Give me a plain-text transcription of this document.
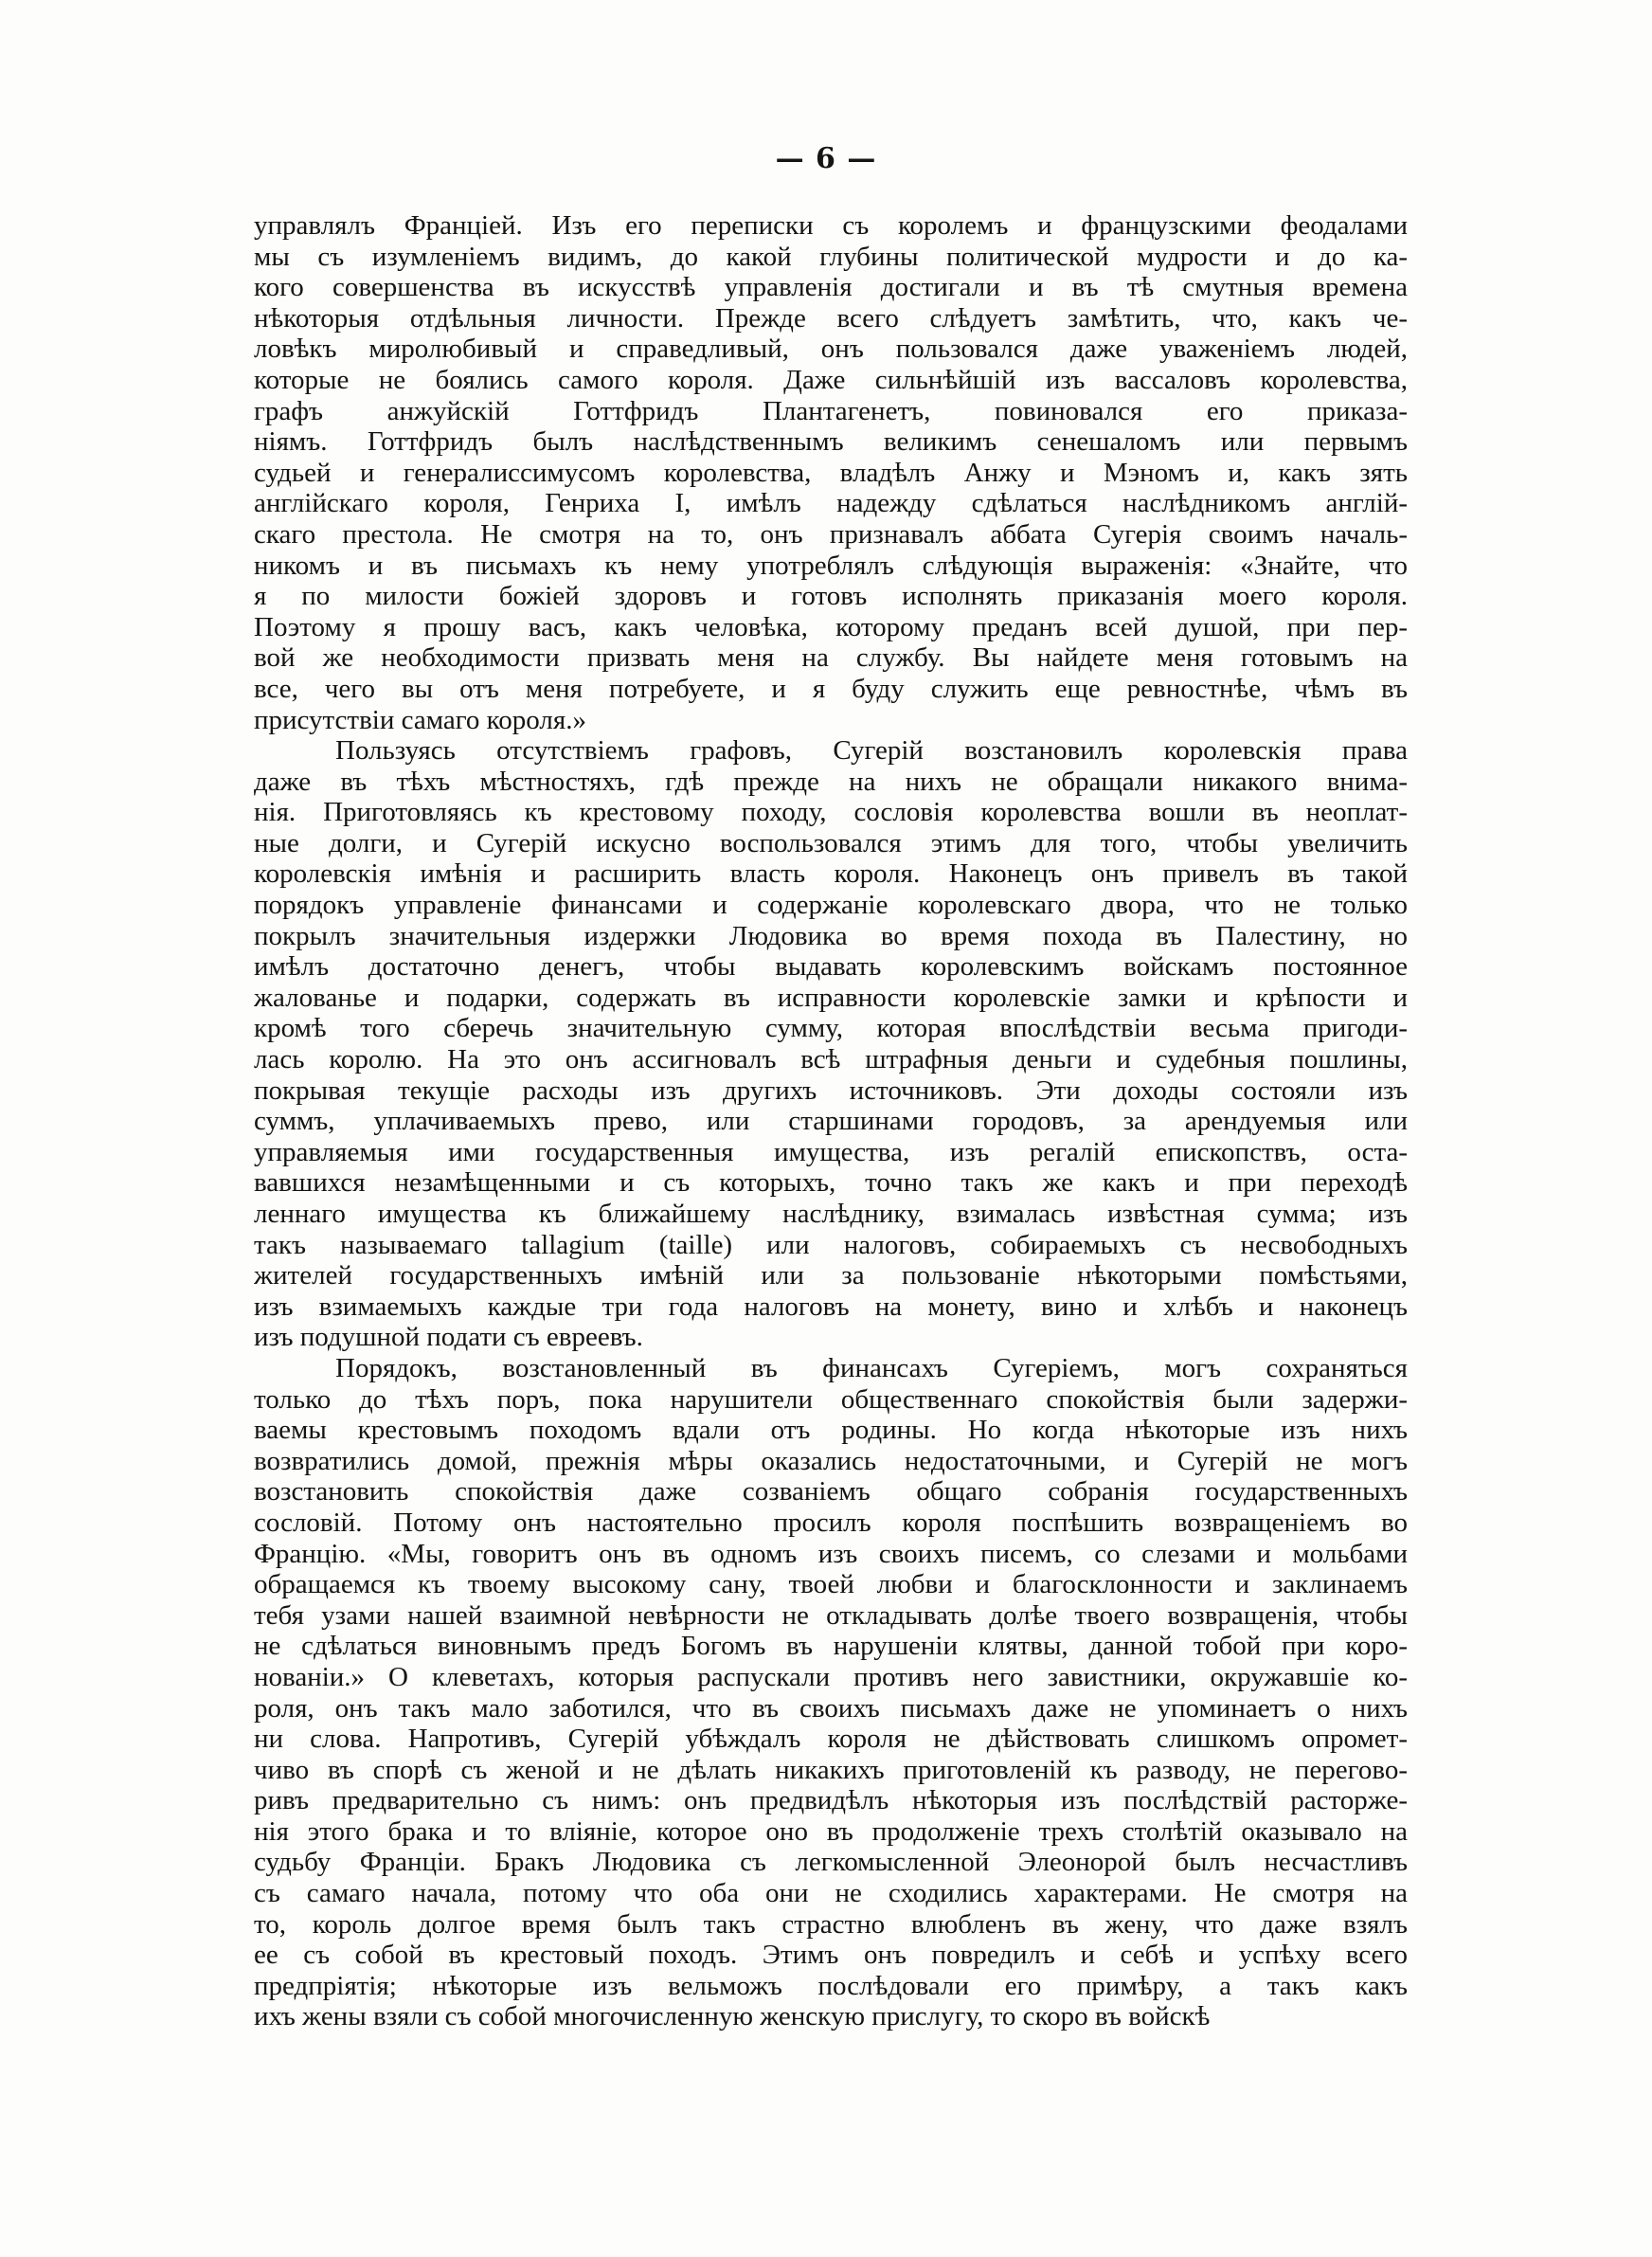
— 6 —
управлялъ Франціей. Изъ его переписки съ королемъ и французскими феодалами
мы съ изумленіемъ видимъ, до какой глубины политической мудрости и до ка-
кого совершенства въ искусствѣ управленія достигали и въ тѣ смутныя времена
нѣкоторыя отдѣльныя личности. Прежде всего слѣдуетъ замѣтить, что, какъ че-
ловѣкъ миролюбивый и справедливый, онъ пользовался даже уваженіемъ людей,
которые не боялись самого короля. Даже сильнѣйшій изъ вассаловъ королевства,
графъ анжуйскій Готтфридъ Плантагенетъ, повиновался его приказа-
ніямъ. Готтфридъ былъ наслѣдственнымъ великимъ сенешаломъ или первымъ
судьей и генералиссимусомъ королевства, владѣлъ Анжу и Мэномъ и, какъ зять
англійскаго короля, Генриха I, имѣлъ надежду сдѣлаться наслѣдникомъ англій-
скаго престола. Не смотря на то, онъ признавалъ аббата Сугерія своимъ началь-
никомъ и въ письмахъ къ нему употреблялъ слѣдующія выраженія: «Знайте, что
я по милости божіей здоровъ и готовъ исполнять приказанія моего короля.
Поэтому я прошу васъ, какъ человѣка, которому преданъ всей душой, при пер-
вой же необходимости призвать меня на службу. Вы найдете меня готовымъ на
все, чего вы отъ меня потребуете, и я буду служить еще ревностнѣе, чѣмъ въ
присутствіи самаго короля.»
Пользуясь отсутствіемъ графовъ, Сугерій возстановилъ королевскія права
даже въ тѣхъ мѣстностяхъ, гдѣ прежде на нихъ не обращали никакого внима-
нія. Приготовляясь къ крестовому походу, сословія королевства вошли въ неоплат-
ные долги, и Сугерій искусно воспользовался этимъ для того, чтобы увеличить
королевскія имѣнія и расширить власть короля. Наконецъ онъ привелъ въ такой
порядокъ управленіе финансами и содержаніе королевскаго двора, что не только
покрылъ значительныя издержки Людовика во время похода въ Палестину, но
имѣлъ достаточно денегъ, чтобы выдавать королевскимъ войскамъ постоянное
жалованье и подарки, содержать въ исправности королевскіе замки и крѣпости и
кромѣ того сберечь значительную сумму, которая впослѣдствіи весьма пригоди-
лась королю. На это онъ ассигновалъ всѣ штрафныя деньги и судебныя пошлины,
покрывая текущіе расходы изъ другихъ источниковъ. Эти доходы состояли изъ
суммъ, уплачиваемыхъ прево, или старшинами городовъ, за арендуемыя или
управляемыя ими государственныя имущества, изъ регалій епископствъ, оста-
вавшихся незамѣщенными и съ которыхъ, точно такъ же какъ и при переходѣ
леннаго имущества къ ближайшему наслѣднику, взималась извѣстная сумма; изъ
такъ называемаго tallagium (taille) или налоговъ, собираемыхъ съ несвободныхъ
жителей государственныхъ имѣній или за пользованіе нѣкоторыми помѣстьями,
изъ взимаемыхъ каждые три года налоговъ на монету, вино и хлѣбъ и наконецъ
изъ подушной подати съ евреевъ.
Порядокъ, возстановленный въ финансахъ Сугеріемъ, могъ сохраняться
только до тѣхъ поръ, пока нарушители общественнаго спокойствія были задержи-
ваемы крестовымъ походомъ вдали отъ родины. Но когда нѣкоторые изъ нихъ
возвратились домой, прежнія мѣры оказались недостаточными, и Сугерій не могъ
возстановить спокойствія даже созваніемъ общаго собранія государственныхъ
сословій. Потому онъ настоятельно просилъ короля поспѣшить возвращеніемъ во
Францію. «Мы, говоритъ онъ въ одномъ изъ своихъ писемъ, со слезами и мольбами
обращаемся къ твоему высокому сану, твоей любви и благосклонности и заклинаемъ
тебя узами нашей взаимной невѣрности не откладывать долѣе твоего возвращенія, чтобы
не сдѣлаться виновнымъ предъ Богомъ въ нарушеніи клятвы, данной тобой при коро-
нованіи.» О клеветахъ, которыя распускали противъ него завистники, окружавшіе ко-
роля, онъ такъ мало заботился, что въ своихъ письмахъ даже не упоминаетъ о нихъ
ни слова. Напротивъ, Сугерій убѣждалъ короля не дѣйствовать слишкомъ опромет-
чиво въ спорѣ съ женой и не дѣлать никакихъ приготовленій къ разводу, не перегово-
ривъ предварительно съ нимъ: онъ предвидѣлъ нѣкоторыя изъ послѣдствій расторже-
нія этого брака и то вліяніе, которое оно въ продолженіе трехъ столѣтій оказывало на
судьбу Франціи. Бракъ Людовика съ легкомысленной Элеонорой былъ несчастливъ
съ самаго начала, потому что оба они не сходились характерами. Не смотря на
то, король долгое время былъ такъ страстно влюбленъ въ жену, что даже взялъ
ее съ собой въ крестовый походъ. Этимъ онъ повредилъ и себѣ и успѣху всего
предпріятія; нѣкоторые изъ вельможъ послѣдовали его примѣру, а такъ какъ
ихъ жены взяли съ собой многочисленную женскую прислугу, то скоро въ войскѣ
